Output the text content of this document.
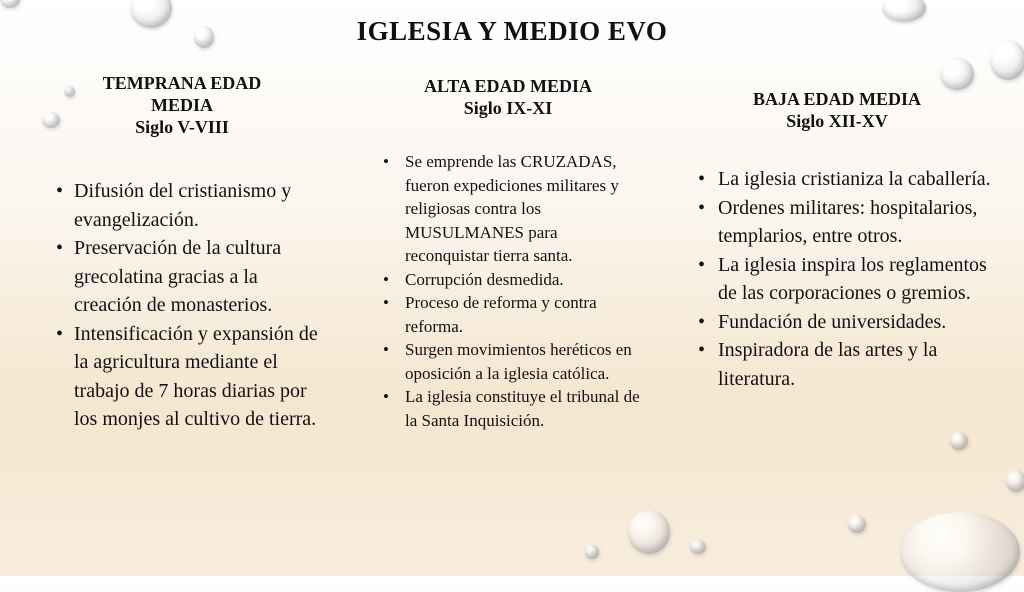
IGLESIA Y MEDIO EVO
TEMPRANA EDAD
MEDIA
Siglo V-VIII
• Difusión del cristianismo y evangelización.
• Preservación de la cultura grecolatina gracias a la creación de monasterios.
• Intensificación y expansión de la agricultura mediante el trabajo de 7 horas diarias por los monjes al cultivo de tierra.
ALTA EDAD MEDIA
Siglo IX-XI
• Se emprende las CRUZADAS, fueron expediciones militares y religiosas contra los MUSULMANES para reconquistar tierra santa.
• Corrupción desmedida.
• Proceso de reforma y contra reforma.
• Surgen movimientos heréticos en oposición a la iglesia católica.
• La iglesia constituye el tribunal de la Santa Inquisición.
BAJA EDAD MEDIA
Siglo XII-XV
• La iglesia cristianiza la caballería.
• Ordenes militares: hospitalarios, templarios, entre otros.
• La iglesia inspira los reglamentos de las corporaciones o gremios.
• Fundación de universidades.
• Inspiradora de las artes y la literatura.
